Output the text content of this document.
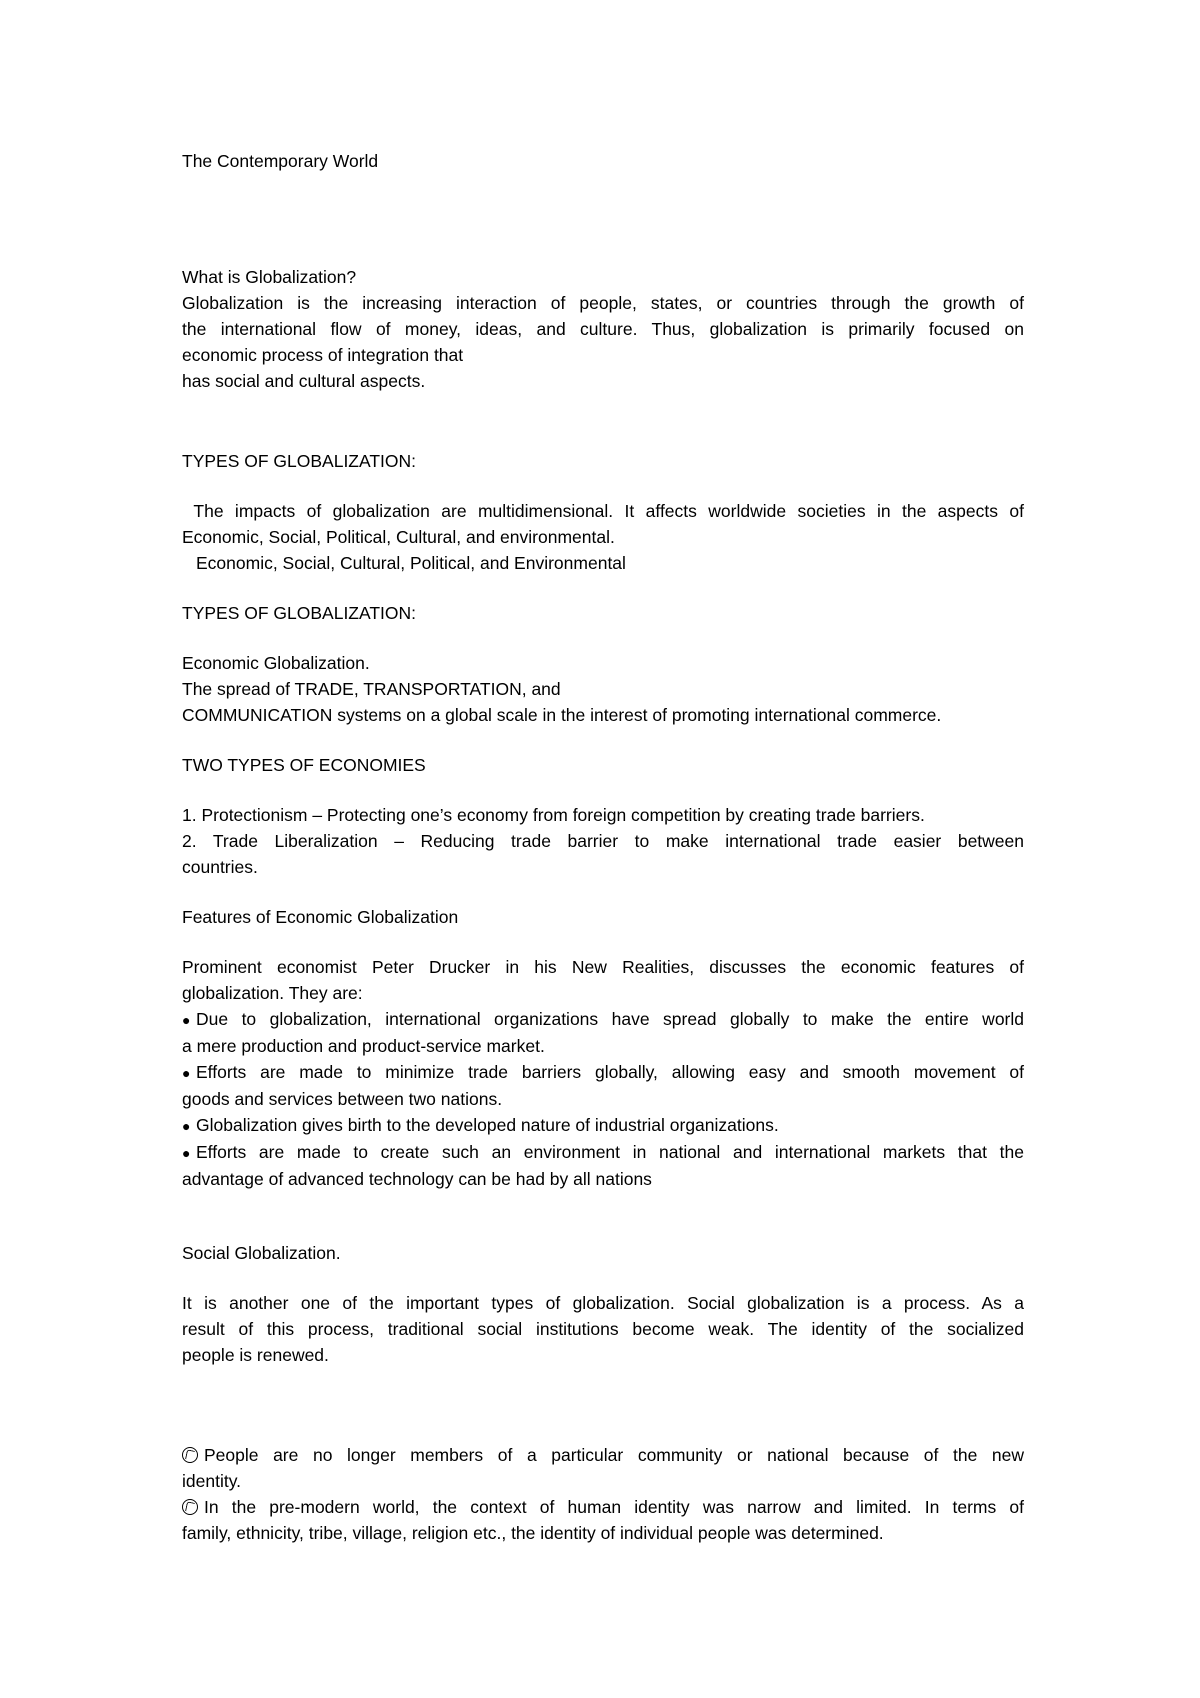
The Contemporary World
What is Globalization?
Globalization is the increasing interaction of people, states, or countries through the growth of
the international flow of money, ideas, and culture. Thus, globalization is primarily focused on
economic process of integration that
has social and cultural aspects.
TYPES OF GLOBALIZATION:
The impacts of globalization are multidimensional. It affects worldwide societies in the aspects of
Economic, Social, Political, Cultural, and environmental.
Economic, Social, Cultural, Political, and Environmental
TYPES OF GLOBALIZATION:
Economic Globalization.
The spread of TRADE, TRANSPORTATION, and
COMMUNICATION systems on a global scale in the interest of promoting international commerce.
TWO TYPES OF ECONOMIES
1. Protectionism – Protecting one’s economy from foreign competition by creating trade barriers.
2. Trade Liberalization – Reducing trade barrier to make international trade easier between
countries.
Features of Economic Globalization
Prominent economist Peter Drucker in his New Realities, discusses the economic features of
globalization. They are:
● Due to globalization, international organizations have spread globally to make the entire world
a mere production and product-service market.
● Efforts are made to minimize trade barriers globally, allowing easy and smooth movement of
goods and services between two nations.
● Globalization gives birth to the developed nature of industrial organizations.
● Efforts are made to create such an environment in national and international markets that the
advantage of advanced technology can be had by all nations
Social Globalization.
It is another one of the important types of globalization. Social globalization is a process. As a
result of this process, traditional social institutions become weak. The identity of the socialized
people is renewed.
People are no longer members of a particular community or national because of the new
identity.
In the pre-modern world, the context of human identity was narrow and limited. In terms of
family, ethnicity, tribe, village, religion etc., the identity of individual people was determined.
